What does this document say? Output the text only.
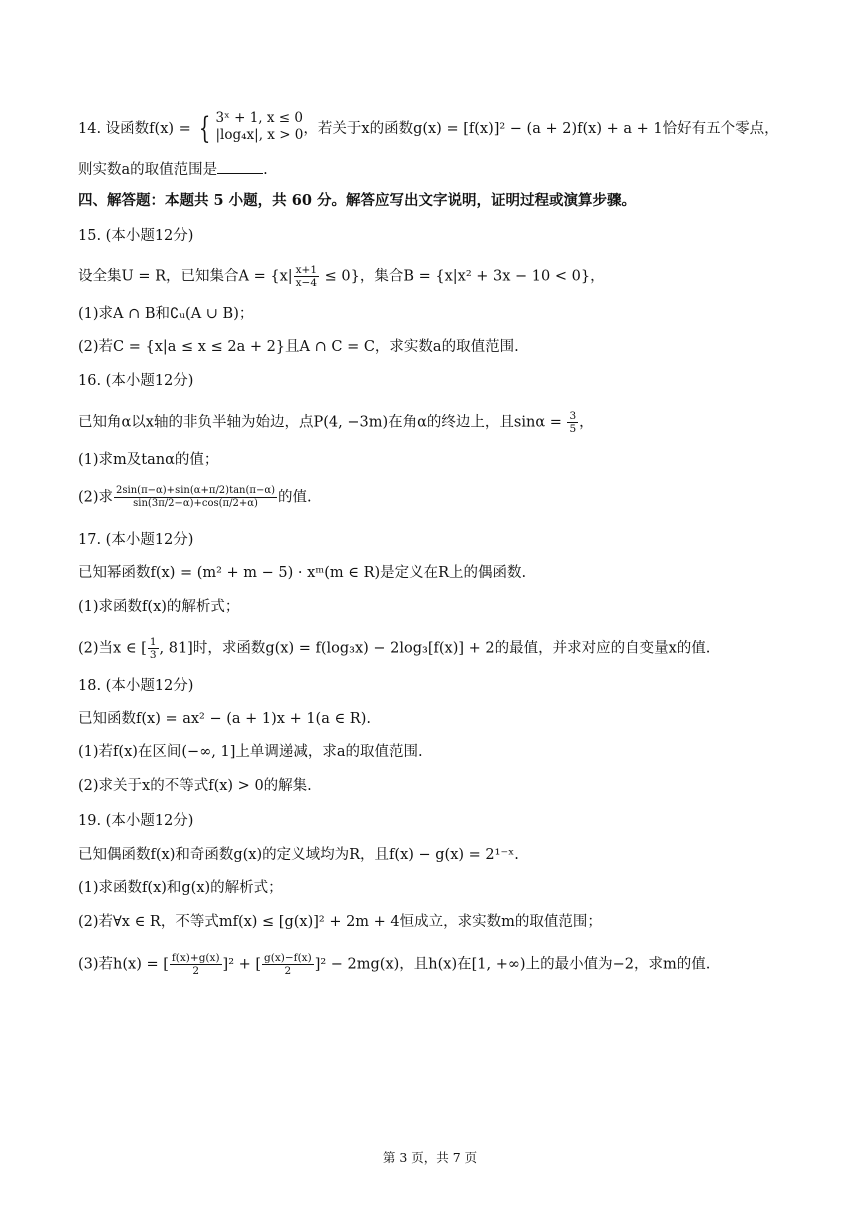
14. 设函数f(x) = { 3ˣ + 1, x ≤ 0
|log₄x|, x > 0 ，若关于x的函数g(x) = [f(x)]² − (a + 2)f(x) + a + 1恰好有五个零点，
则实数a的取值范围是	.
四、解答题：本题共 5 小题，共 60 分。解答应写出文字说明，证明过程或演算步骤。
15. (本小题12分)
设全集U = R，已知集合$A = \{x| \frac{x+1}{x-4} \le 0\}$，集合B = {x|x² + 3x − 10 < 0}，
(1)求A ∩ B和∁ᵤ(A ∪ B)；
(2)若C = {x|a ≤ x ≤ 2a + 2}且A ∩ C = C，求实数a的取值范围.
16. (本小题12分)
已知角α以x轴的非负半轴为始边，点P(4, −3m)在角α的终边上，且$\sin\alpha = \frac{3}{5}$ ，
(1)求m及tanα的值；
(2)求 $\frac{2\sin(\pi-\alpha)+\sin(\alpha+\pi/2)\tan(\pi-\alpha)}{\sin(3\pi/2-\alpha)+\cos(\pi/2+\alpha)}$ 的值.
17. (本小题12分)
已知幂函数f(x) = (m² + m − 5) · xᵐ(m ∈ R)是定义在R上的偶函数.
(1)求函数f(x)的解析式；
(2)当x ∈ [ $\frac{1}{3}$ , 81]时，求函数g(x) = f(log₃x) − 2log₃[f(x)] + 2的最值，并求对应的自变量x的值.
18. (本小题12分)
已知函数f(x) = ax² − (a + 1)x + 1(a ∈ R).
(1)若f(x)在区间(−∞, 1]上单调递减，求a的取值范围.
(2)求关于x的不等式f(x) > 0的解集.
19. (本小题12分)
已知偶函数f(x)和奇函数g(x)的定义域均为R，且f(x) − g(x) = 2¹⁻ˣ.
(1)求函数f(x)和g(x)的解析式；
(2)若∀x ∈ R，不等式mf(x) ≤ [g(x)]² + 2m + 4恒成立，求实数m的取值范围；
(3)若h(x) = [ $\frac{f(x)+g(x)}{2} ]^2$ + [ $\frac{g(x)-f(x)}{2} ]^2 - 2mg(x)$，且h(x)在[1, +∞)上的最小值为−2，求m的值.
第 3 页，共 7 页
